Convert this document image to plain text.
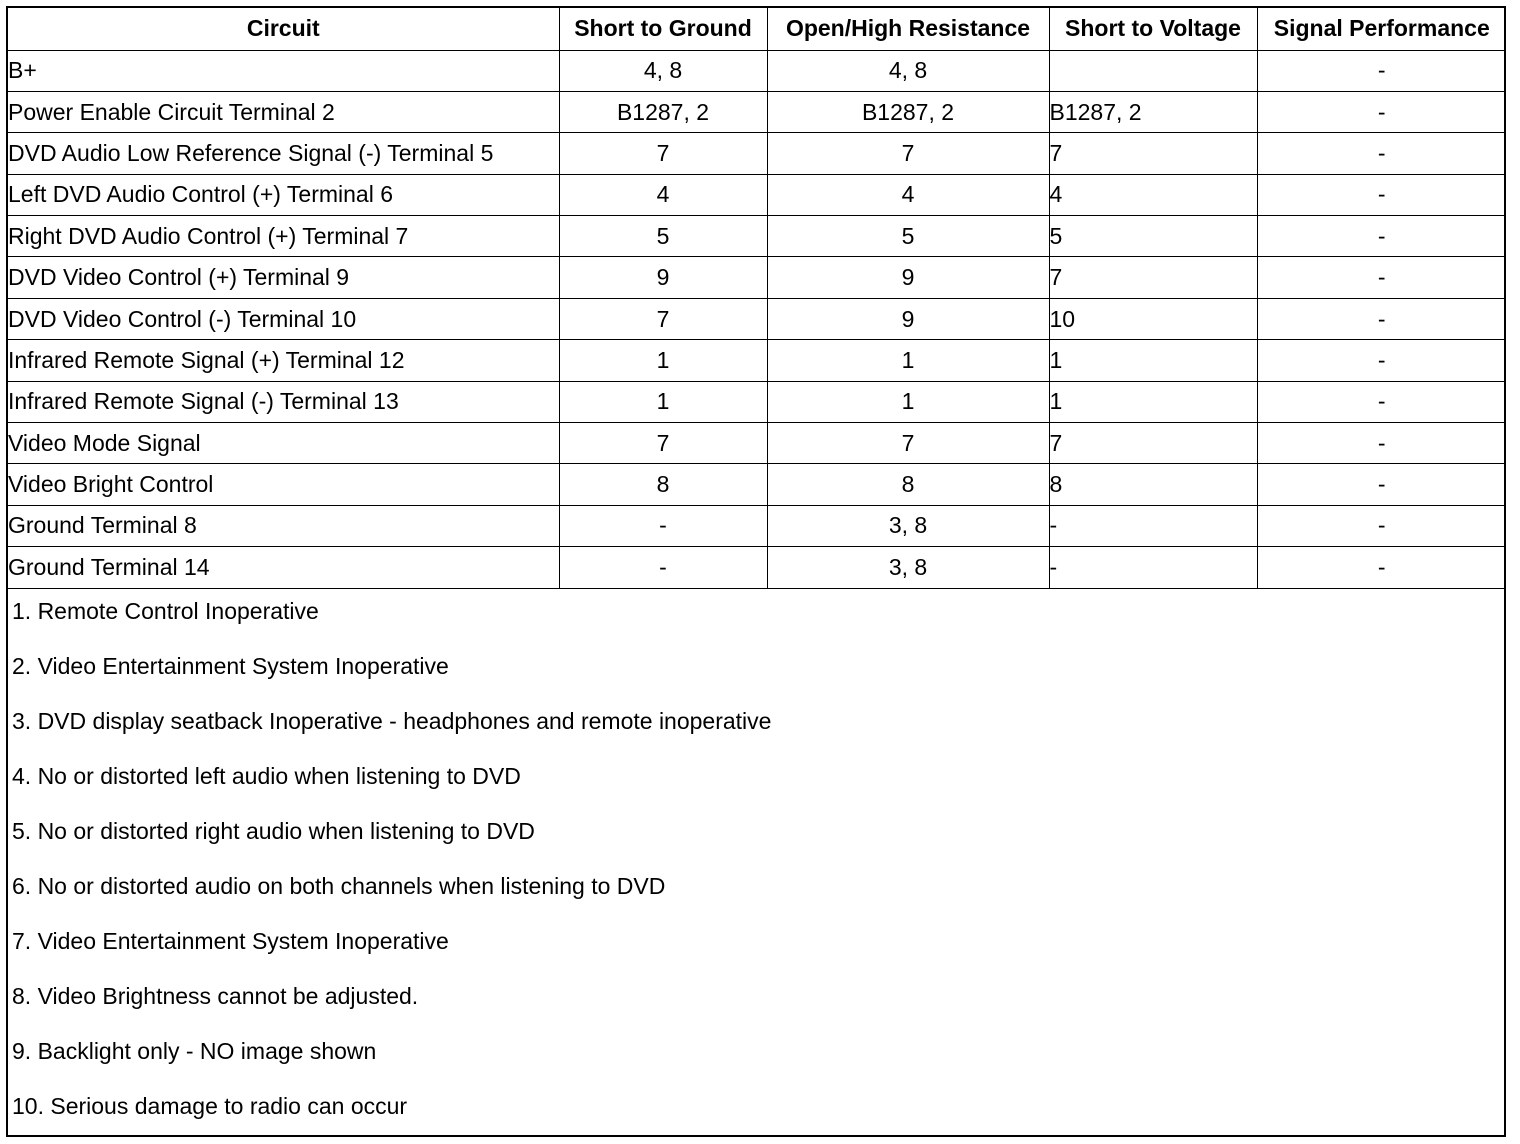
Circuit	Short to Ground	Open/High Resistance	Short to Voltage	Signal Performance
B+	4, 8	4, 8		-
Power Enable Circuit Terminal 2	B1287, 2	B1287, 2	B1287, 2	-
DVD Audio Low Reference Signal (-) Terminal 5	7	7	7	-
Left DVD Audio Control (+) Terminal 6	4	4	4	-
Right DVD Audio Control (+) Terminal 7	5	5	5	-
DVD Video Control (+) Terminal 9	9	9	7	-
DVD Video Control (-) Terminal 10	7	9	10	-
Infrared Remote Signal (+) Terminal 12	1	1	1	-
Infrared Remote Signal (-) Terminal 13	1	1	1	-
Video Mode Signal	7	7	7	-
Video Bright Control	8	8	8	-
Ground Terminal 8	-	3, 8	-	-
Ground Terminal 14	-	3, 8	-	-
1. Remote Control Inoperative
2. Video Entertainment System Inoperative
3. DVD display seatback Inoperative - headphones and remote inoperative
4. No or distorted left audio when listening to DVD
5. No or distorted right audio when listening to DVD
6. No or distorted audio on both channels when listening to DVD
7. Video Entertainment System Inoperative
8. Video Brightness cannot be adjusted.
9. Backlight only - NO image shown
10. Serious damage to radio can occur
